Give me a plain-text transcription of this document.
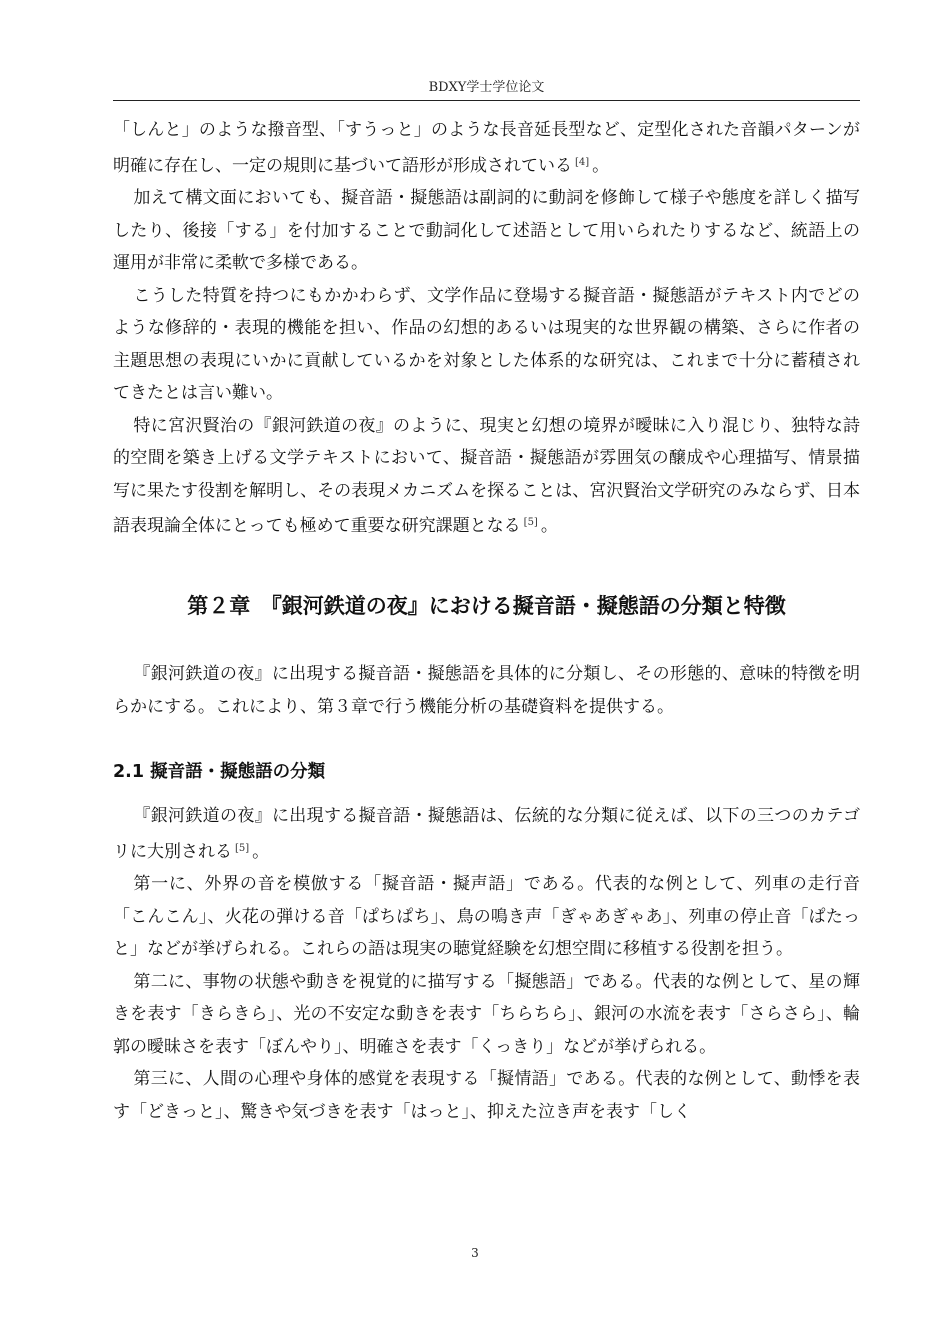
BDXY学士学位论文

「しんと」のような撥音型、「すうっと」のような長音延長型など、定型化された音韻パターンが明確に存在し、一定の規則に基づいて語形が形成されている [4] 。

加えて構文面においても、擬音語・擬態語は副詞的に動詞を修飾して様子や態度を詳しく描写したり、後接「する」を付加することで動詞化して述語として用いられたりするなど、統語上の運用が非常に柔軟で多様である。

こうした特質を持つにもかかわらず、文学作品に登場する擬音語・擬態語がテキスト内でどのような修辞的・表現的機能を担い、作品の幻想的あるいは現実的な世界観の構築、さらに作者の主題思想の表現にいかに貢献しているかを対象とした体系的な研究は、これまで十分に蓄積されてきたとは言い難い。

特に宮沢賢治の『銀河鉄道の夜』のように、現実と幻想の境界が曖昧に入り混じり、独特な詩的空間を築き上げる文学テキストにおいて、擬音語・擬態語が雰囲気の醸成や心理描写、情景描写に果たす役割を解明し、その表現メカニズムを探ることは、宮沢賢治文学研究のみならず、日本語表現論全体にとっても極めて重要な研究課題となる [5] 。

第２章　『銀河鉄道の夜』における擬音語・擬態語の分類と特徴

『銀河鉄道の夜』に出現する擬音語・擬態語を具体的に分類し、その形態的、意味的特徴を明らかにする。これにより、第３章で行う機能分析の基礎資料を提供する。

2.1 擬音語・擬態語の分類

『銀河鉄道の夜』に出現する擬音語・擬態語は、伝統的な分類に従えば、以下の三つのカテゴリに大別される [5] 。

第一に、外界の音を模倣する「擬音語・擬声語」である。代表的な例として、列車の走行音「こんこん」、火花の弾ける音「ぱちぱち」、鳥の鳴き声「ぎゃあぎゃあ」、列車の停止音「ぱたっと」などが挙げられる。これらの語は現実の聴覚経験を幻想空間に移植する役割を担う。

第二に、事物の状態や動きを視覚的に描写する「擬態語」である。代表的な例として、星の輝きを表す「きらきら」、光の不安定な動きを表す「ちらちら」、銀河の水流を表す「さらさら」、輪郭の曖昧さを表す「ぼんやり」、明確さを表す「くっきり」などが挙げられる。

第三に、人間の心理や身体的感覚を表現する「擬情語」である。代表的な例として、動悸を表す「どきっと」、驚きや気づきを表す「はっと」、抑えた泣き声を表す「しく

3
